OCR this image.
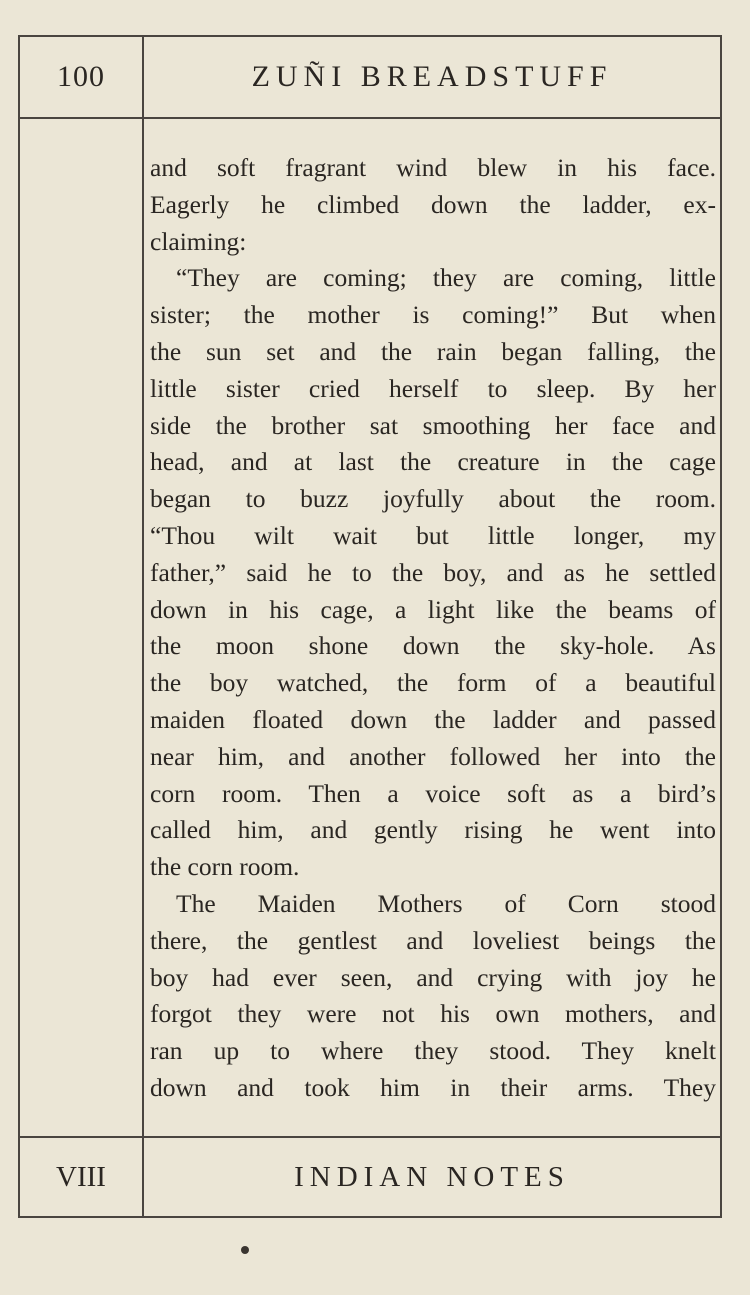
100	ZUÑI BREADSTUFF
and soft fragrant wind blew in his face.
Eagerly he climbed down the ladder, ex-
claiming:
“They are coming; they are coming, little
sister; the mother is coming!” But when
the sun set and the rain began falling, the
little sister cried herself to sleep. By her
side the brother sat smoothing her face and
head, and at last the creature in the cage
began to buzz joyfully about the room.
“Thou wilt wait but little longer, my
father,” said he to the boy, and as he settled
down in his cage, a light like the beams of
the moon shone down the sky-hole. As
the boy watched, the form of a beautiful
maiden floated down the ladder and passed
near him, and another followed her into the
corn room. Then a voice soft as a bird’s
called him, and gently rising he went into
the corn room.
The Maiden Mothers of Corn stood
there, the gentlest and loveliest beings the
boy had ever seen, and crying with joy he
forgot they were not his own mothers, and
ran up to where they stood. They knelt
down and took him in their arms. They
VIII	INDIAN NOTES
